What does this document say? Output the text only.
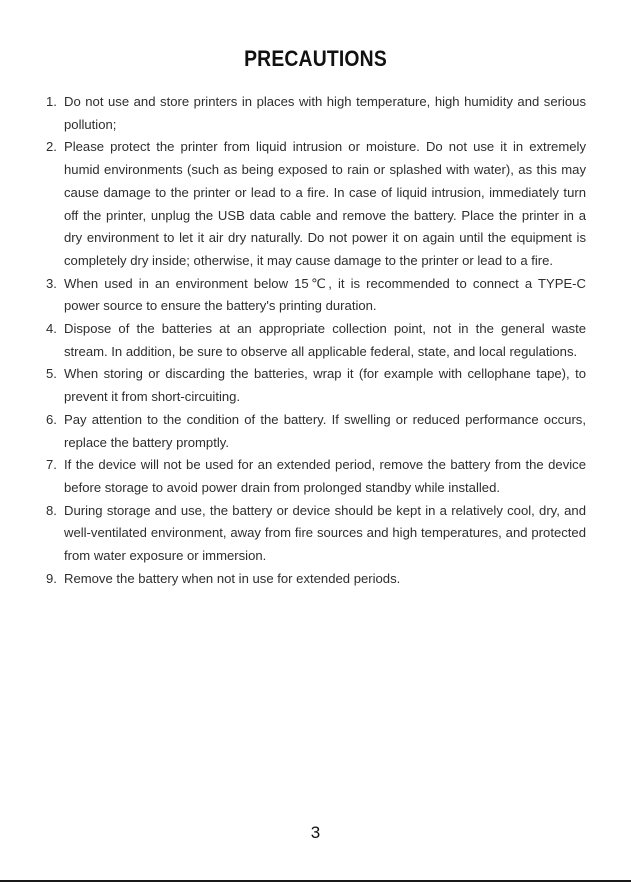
PRECAUTIONS
1. Do not use and store printers in places with high temperature, high humidity and serious pollution;
2. Please protect the printer from liquid intrusion or moisture. Do not use it in extremely humid environments (such as being exposed to rain or splashed with water), as this may cause damage to the printer or lead to a fire. In case of liquid intrusion, immediately turn off the printer, unplug the USB data cable and remove the battery. Place the printer in a dry environment to let it air dry naturally. Do not power it on again until the equipment is completely dry inside; otherwise, it may cause damage to the printer or lead to a fire.
3. When used in an environment below 15℃, it is recommended to connect a TYPE-C power source to ensure the battery's printing duration.
4. Dispose of the batteries at an appropriate collection point, not in the general waste stream. In addition, be sure to observe all applicable federal, state, and local regulations.
5. When storing or discarding the batteries, wrap it (for example with cellophane tape), to prevent it from short-circuiting.
6. Pay attention to the condition of the battery. If swelling or reduced performance occurs, replace the battery promptly.
7. If the device will not be used for an extended period, remove the battery from the device before storage to avoid power drain from prolonged standby while installed.
8. During storage and use, the battery or device should be kept in a relatively cool, dry, and well-ventilated environment, away from fire sources and high temperatures, and protected from water exposure or immersion.
9. Remove the battery when not in use for extended periods.
3
